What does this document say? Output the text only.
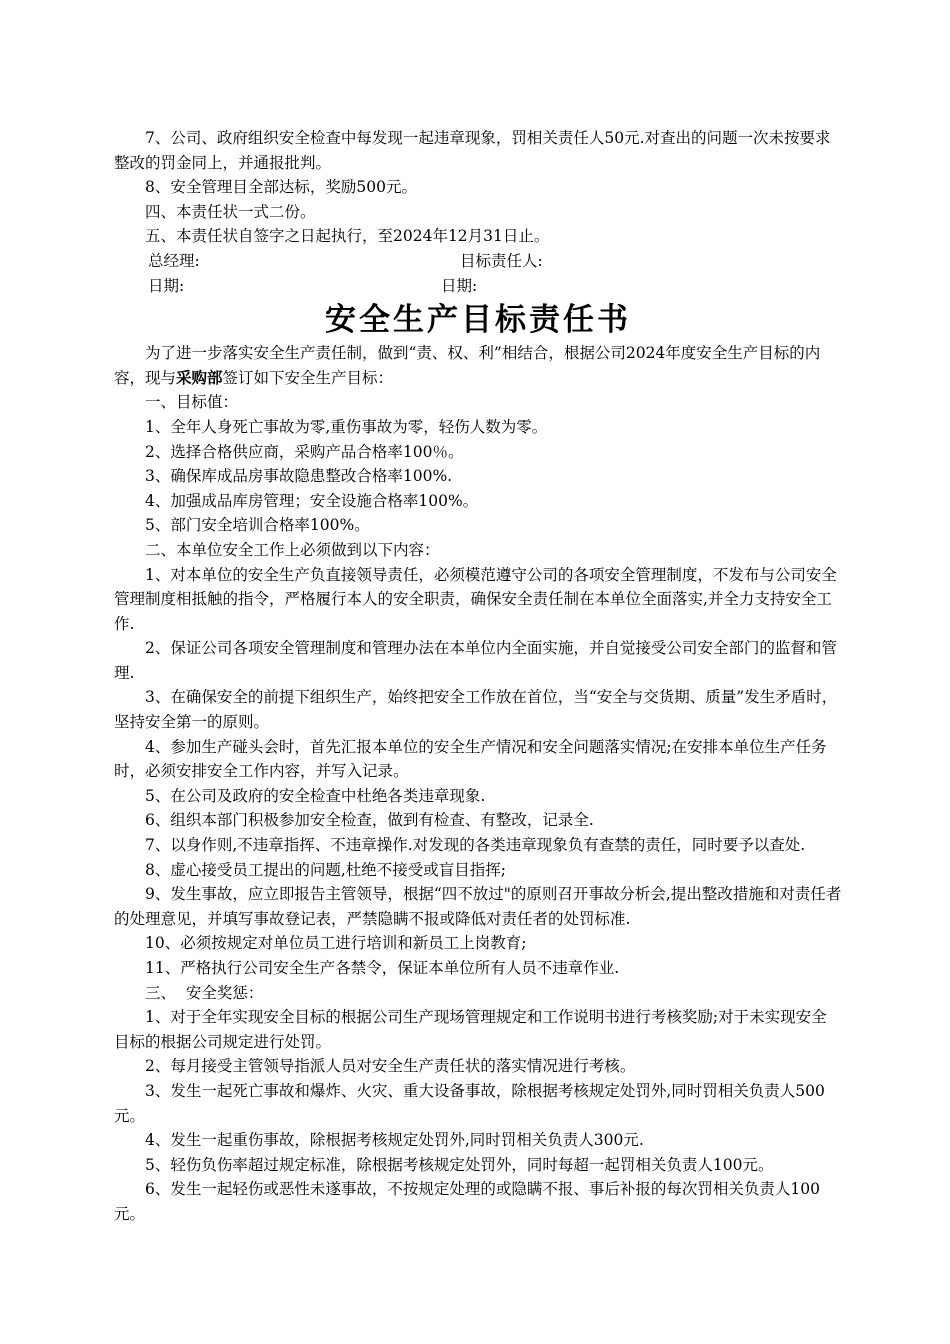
7、公司、政府组织安全检查中每发现一起违章现象，罚相关责任人50元.对查出的问题一次未按要求整改的罚金同上，并通报批判。

8、安全管理目全部达标，奖励500元。

四、本责任状一式二份。

五、本责任状自签字之日起执行，至2024年12月31日止。

总经理:	目标责任人:
日期:	日期:
安全生产目标责任书

为了进一步落实安全生产责任制，做到“责、权、利”相结合，根据公司2024年度安全生产目标的内容，现与采购部签订如下安全生产目标：

一、目标值：

1、全年人身死亡事故为零,重伤事故为零，轻伤人数为零。

2、选择合格供应商，采购产品合格率100％。

3、确保库成品房事故隐患整改合格率100%.

4、加强成品库房管理；安全设施合格率100%。

5、部门安全培训合格率100%。

二、本单位安全工作上必须做到以下内容：

1、对本单位的安全生产负直接领导责任，必须模范遵守公司的各项安全管理制度，不发布与公司安全管理制度相抵触的指令，严格履行本人的安全职责，确保安全责任制在本单位全面落实,并全力支持安全工作.

2、保证公司各项安全管理制度和管理办法在本单位内全面实施，并自觉接受公司安全部门的监督和管理.

3、在确保安全的前提下组织生产，始终把安全工作放在首位，当“安全与交货期、质量”发生矛盾时，坚持安全第一的原则。

4、参加生产碰头会时，首先汇报本单位的安全生产情况和安全问题落实情况;在安排本单位生产任务时，必须安排安全工作内容，并写入记录。

5、在公司及政府的安全检查中杜绝各类违章现象.

6、组织本部门积极参加安全检查，做到有检查、有整改，记录全.

7、以身作则,不违章指挥、不违章操作.对发现的各类违章现象负有查禁的责任，同时要予以查处.

8、虚心接受员工提出的问题,杜绝不接受或盲目指挥;

9、发生事故，应立即报告主管领导，根据“四不放过"的原则召开事故分析会,提出整改措施和对责任者的处理意见，并填写事故登记表，严禁隐瞒不报或降低对责任者的处罚标准.

10、必须按规定对单位员工进行培训和新员工上岗教育;

11、严格执行公司安全生产各禁令，保证本单位所有人员不违章作业.

三、  安全奖惩：

1、对于全年实现安全目标的根据公司生产现场管理规定和工作说明书进行考核奖励;对于未实现安全目标的根据公司规定进行处罚。

2、每月接受主管领导指派人员对安全生产责任状的落实情况进行考核。

3、发生一起死亡事故和爆炸、火灾、重大设备事故，除根据考核规定处罚外,同时罚相关负责人500元。

4、发生一起重伤事故，除根据考核规定处罚外,同时罚相关负责人300元.

5、轻伤负伤率超过规定标准，除根据考核规定处罚外，同时每超一起罚相关负责人100元。

6、发生一起轻伤或恶性未遂事故，不按规定处理的或隐瞒不报、事后补报的每次罚相关负责人100元。
